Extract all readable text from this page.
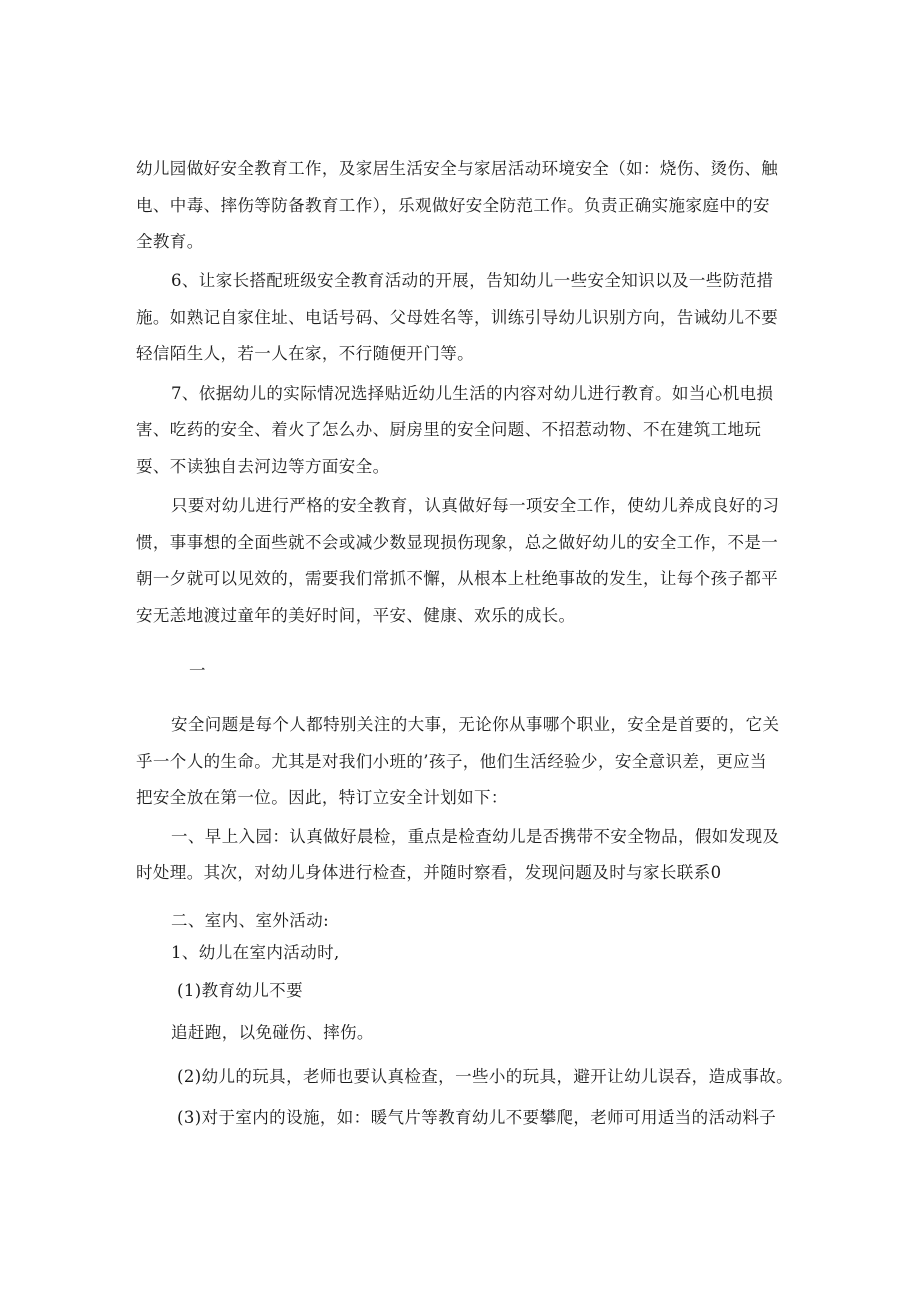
幼儿园做好安全教育工作，及家居生活安全与家居活动环境安全（如：烧伤、烫伤、触
电、中毒、摔伤等防备教育工作），乐观做好安全防范工作。负责正确实施家庭中的安
全教育。
6、让家长搭配班级安全教育活动的开展，告知幼儿一些安全知识以及一些防范措
施。如熟记自家住址、电话号码、父母姓名等，训练引导幼儿识别方向，告诫幼儿不要
轻信陌生人，若一人在家，不行随便开门等。
7、依据幼儿的实际情况选择贴近幼儿生活的内容对幼儿进行教育。如当心机电损
害、吃药的安全、着火了怎么办、厨房里的安全问题、不招惹动物、不在建筑工地玩
耍、不读独自去河边等方面安全。
只要对幼儿进行严格的安全教育，认真做好每一项安全工作，使幼儿养成良好的习
惯，事事想的全面些就不会或减少数显现损伤现象，总之做好幼儿的安全工作，不是一
朝一夕就可以见效的，需要我们常抓不懈，从根本上杜绝事故的发生，让每个孩子都平
安无恙地渡过童年的美好时间，平安、健康、欢乐的成长。
一
安全问题是每个人都特别关注的大事，无论你从事哪个职业，安全是首要的，它关
乎一个人的生命。尤其是对我们小班的’孩子，他们生活经验少，安全意识差，更应当
把安全放在第一位。因此，特订立安全计划如下：
一、早上入园：认真做好晨检，重点是检查幼儿是否携带不安全物品，假如发现及
时处理。其次，对幼儿身体进行检查，并随时察看，发现问题及时与家长联系0
二、室内、室外活动:
1、幼儿在室内活动时,
(1)教育幼儿不要
追赶跑，以免碰伤、摔伤。
(2)幼儿的玩具，老师也要认真检查，一些小的玩具，避开让幼儿误吞，造成事故。
(3)对于室内的设施，如：暖气片等教育幼儿不要攀爬，老师可用适当的活动料子
